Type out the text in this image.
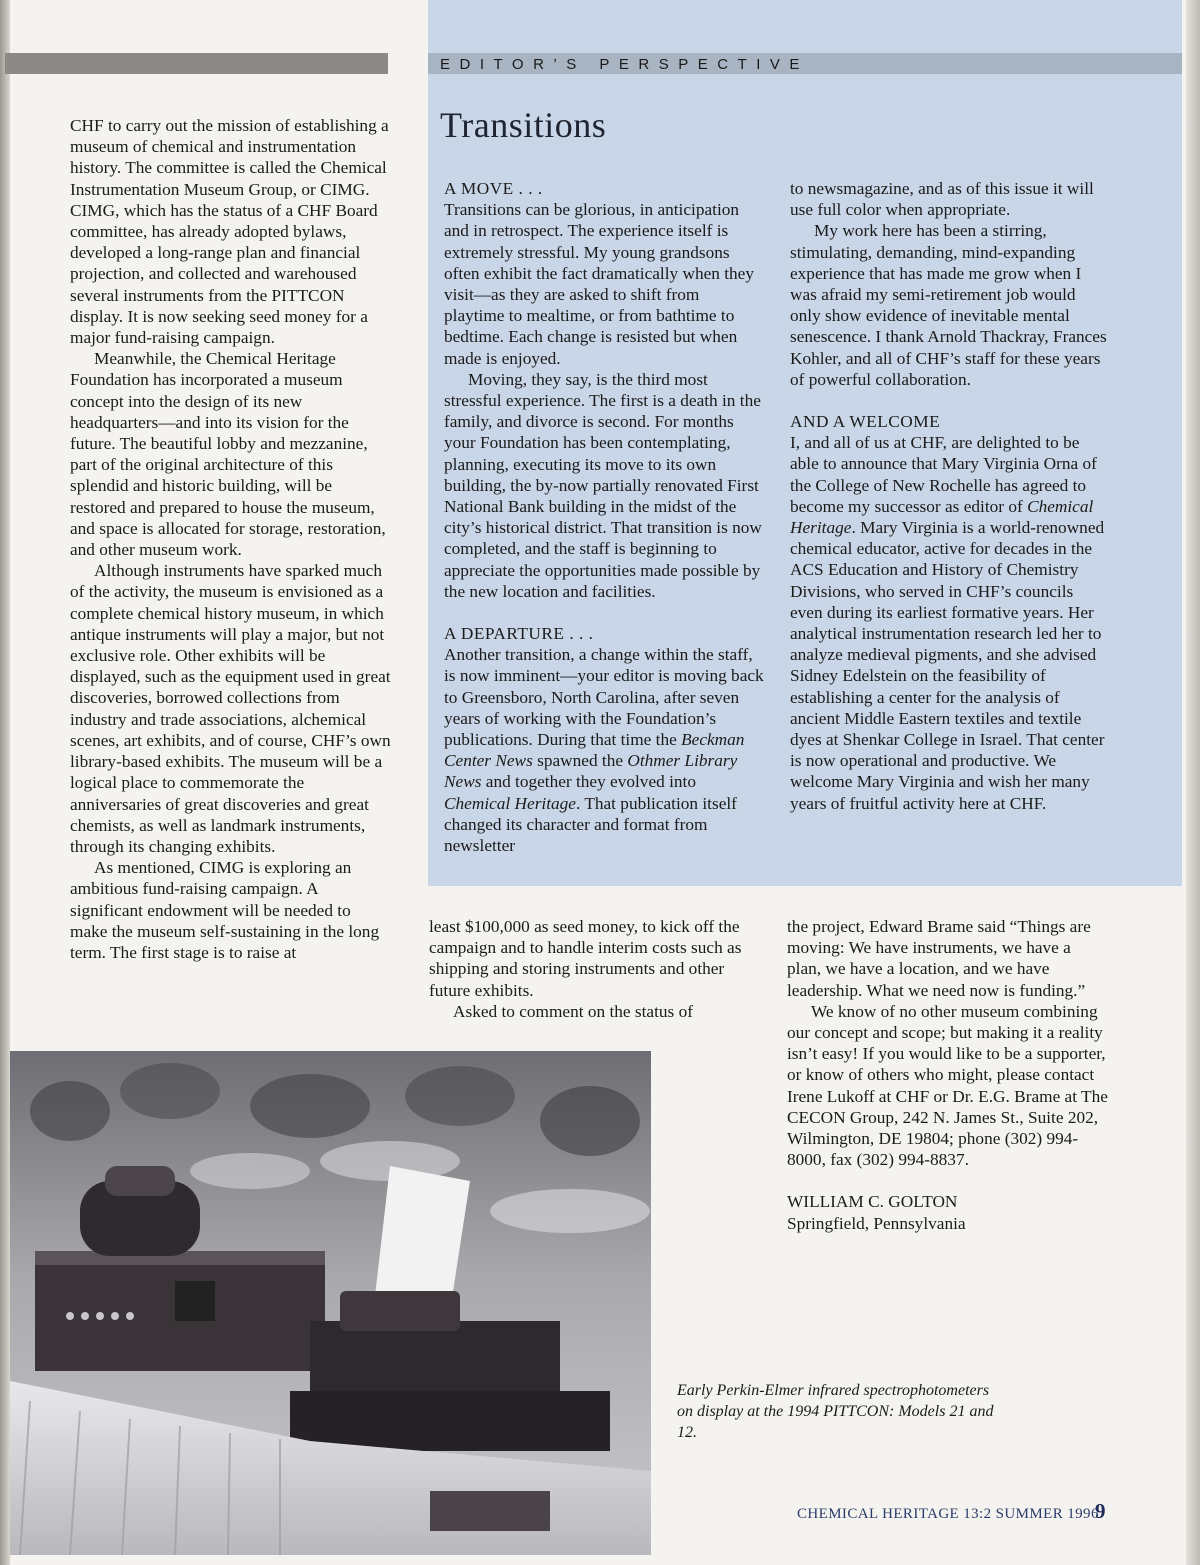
EDITOR’S PERSPECTIVE
Transitions

CHF to carry out the mission of establishing a museum of chemical and instrumentation history. The committee is called the Chemical Instrumentation Museum Group, or CIMG. CIMG, which has the status of a CHF Board committee, has already adopted bylaws, developed a long-range plan and financial projection, and collected and warehoused several instruments from the PITTCON display. It is now seeking seed money for a major fund-raising campaign.

Meanwhile, the Chemical Heritage Foundation has incorporated a museum concept into the design of its new headquarters—and into its vision for the future. The beautiful lobby and mezzanine, part of the original architecture of this splendid and historic building, will be restored and prepared to house the museum, and space is allocated for storage, restoration, and other museum work.

Although instruments have sparked much of the activity, the museum is envisioned as a complete chemical history museum, in which antique instruments will play a major, but not exclusive role. Other exhibits will be displayed, such as the equipment used in great discoveries, borrowed collections from industry and trade associations, alchemical scenes, art exhibits, and of course, CHF’s own library-based exhibits. The museum will be a logical place to commemorate the anniversaries of great discoveries and great chemists, as well as landmark instruments, through its changing exhibits.

As mentioned, CIMG is exploring an ambitious fund-raising campaign. A significant endowment will be needed to make the museum self-sustaining in the long term. The first stage is to raise at

A MOVE . . .

Transitions can be glorious, in anticipation and in retrospect. The experience itself is extremely stressful. My young grandsons often exhibit the fact dramatically when they visit—as they are asked to shift from playtime to mealtime, or from bathtime to bedtime. Each change is resisted but when made is enjoyed.

Moving, they say, is the third most stressful experience. The first is a death in the family, and divorce is second. For months your Foundation has been contemplating, planning, executing its move to its own building, the by-now partially renovated First National Bank building in the midst of the city’s historical district. That transition is now completed, and the staff is beginning to appreciate the opportunities made possible by the new location and facilities.

A DEPARTURE . . .

Another transition, a change within the staff, is now imminent—your editor is moving back to Greensboro, North Carolina, after seven years of working with the Foundation’s publications. During that time the Beckman Center News spawned the Othmer Library News and together they evolved into Chemical Heritage. That publication itself changed its character and format from newsletter

to newsmagazine, and as of this issue it will use full color when appropriate.

My work here has been a stirring, stimulating, demanding, mind-expanding experience that has made me grow when I was afraid my semi-retirement job would only show evidence of inevitable mental senescence. I thank Arnold Thackray, Frances Kohler, and all of CHF’s staff for these years of powerful collaboration.

AND A WELCOME

I, and all of us at CHF, are delighted to be able to announce that Mary Virginia Orna of the College of New Rochelle has agreed to become my successor as editor of Chemical Heritage. Mary Virginia is a world-renowned chemical educator, active for decades in the ACS Education and History of Chemistry Divisions, who served in CHF’s councils even during its earliest formative years. Her analytical instrumentation research led her to analyze medieval pigments, and she advised Sidney Edelstein on the feasibility of establishing a center for the analysis of ancient Middle Eastern textiles and textile dyes at Shenkar College in Israel. That center is now operational and productive. We welcome Mary Virginia and wish her many years of fruitful activity here at CHF.

least $100,000 as seed money, to kick off the campaign and to handle interim costs such as shipping and storing instruments and other future exhibits.

Asked to comment on the status of

the project, Edward Brame said “Things are moving: We have instruments, we have a plan, we have a location, and we have leadership. What we need now is funding.”

We know of no other museum combining our concept and scope; but making it a reality isn’t easy! If you would like to be a supporter, or know of others who might, please contact Irene Lukoff at CHF or Dr. E.G. Brame at The CECON Group, 242 N. James St., Suite 202, Wilmington, DE 19804; phone (302) 994-8000, fax (302) 994-8837.

WILLIAM C. GOLTON

Springfield, Pennsylvania

Early Perkin-Elmer infrared spectrophotometers on display at the 1994 PITTCON: Models 21 and 12.

CHEMICAL HERITAGE 13:2 SUMMER 1996
9
